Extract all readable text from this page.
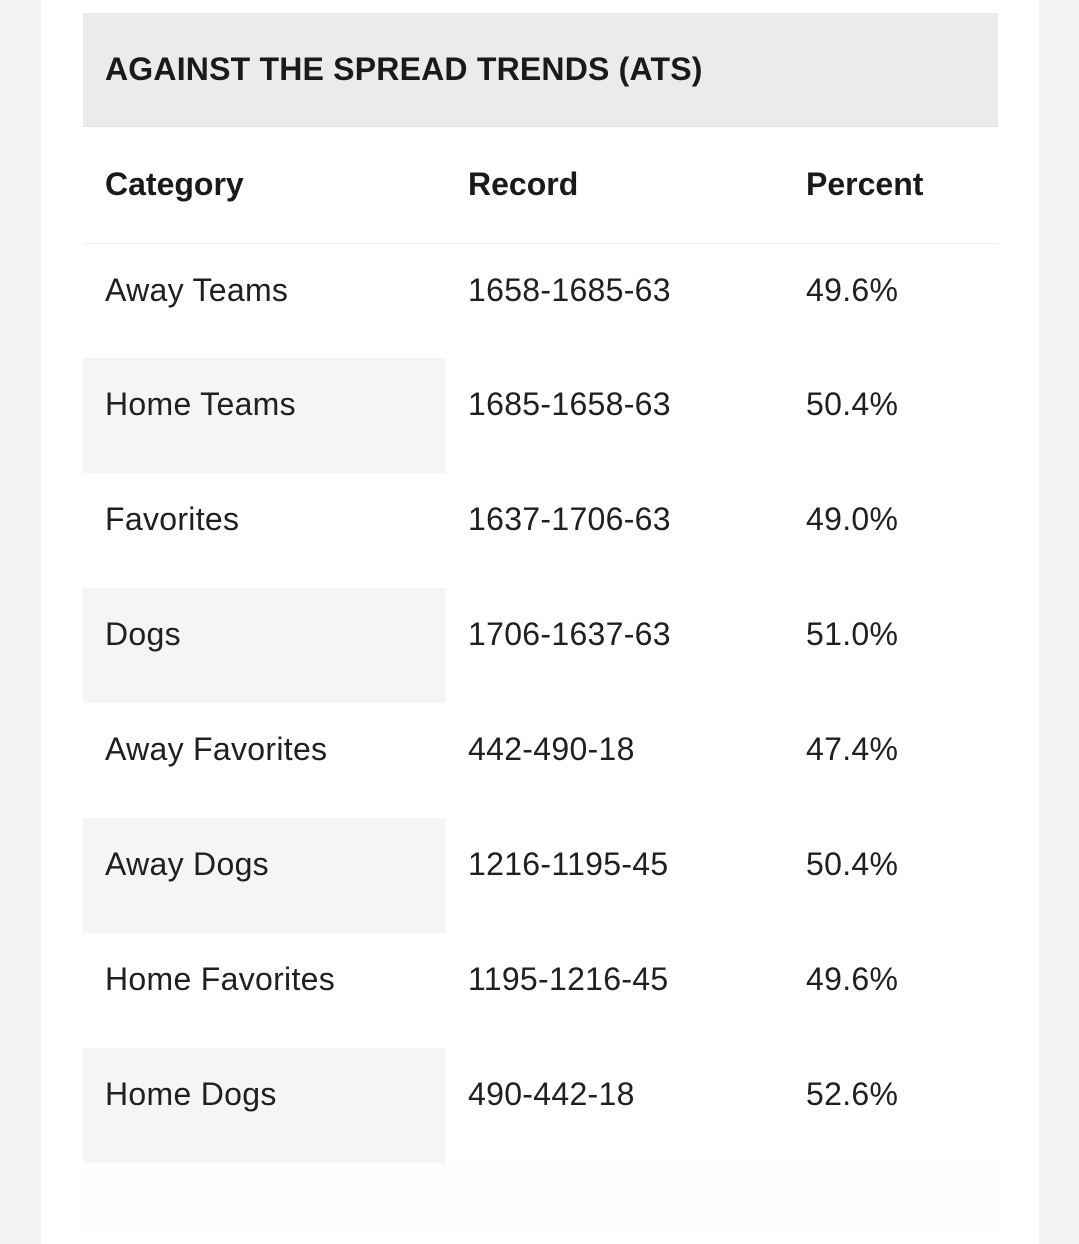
AGAINST THE SPREAD TRENDS (ATS)
Category	Record	Percent
Away Teams	1658-1685-63	49.6%
Home Teams	1685-1658-63	50.4%
Favorites	1637-1706-63	49.0%
Dogs	1706-1637-63	51.0%
Away Favorites	442-490-18	47.4%
Away Dogs	1216-1195-45	50.4%
Home Favorites	1195-1216-45	49.6%
Home Dogs	490-442-18	52.6%
